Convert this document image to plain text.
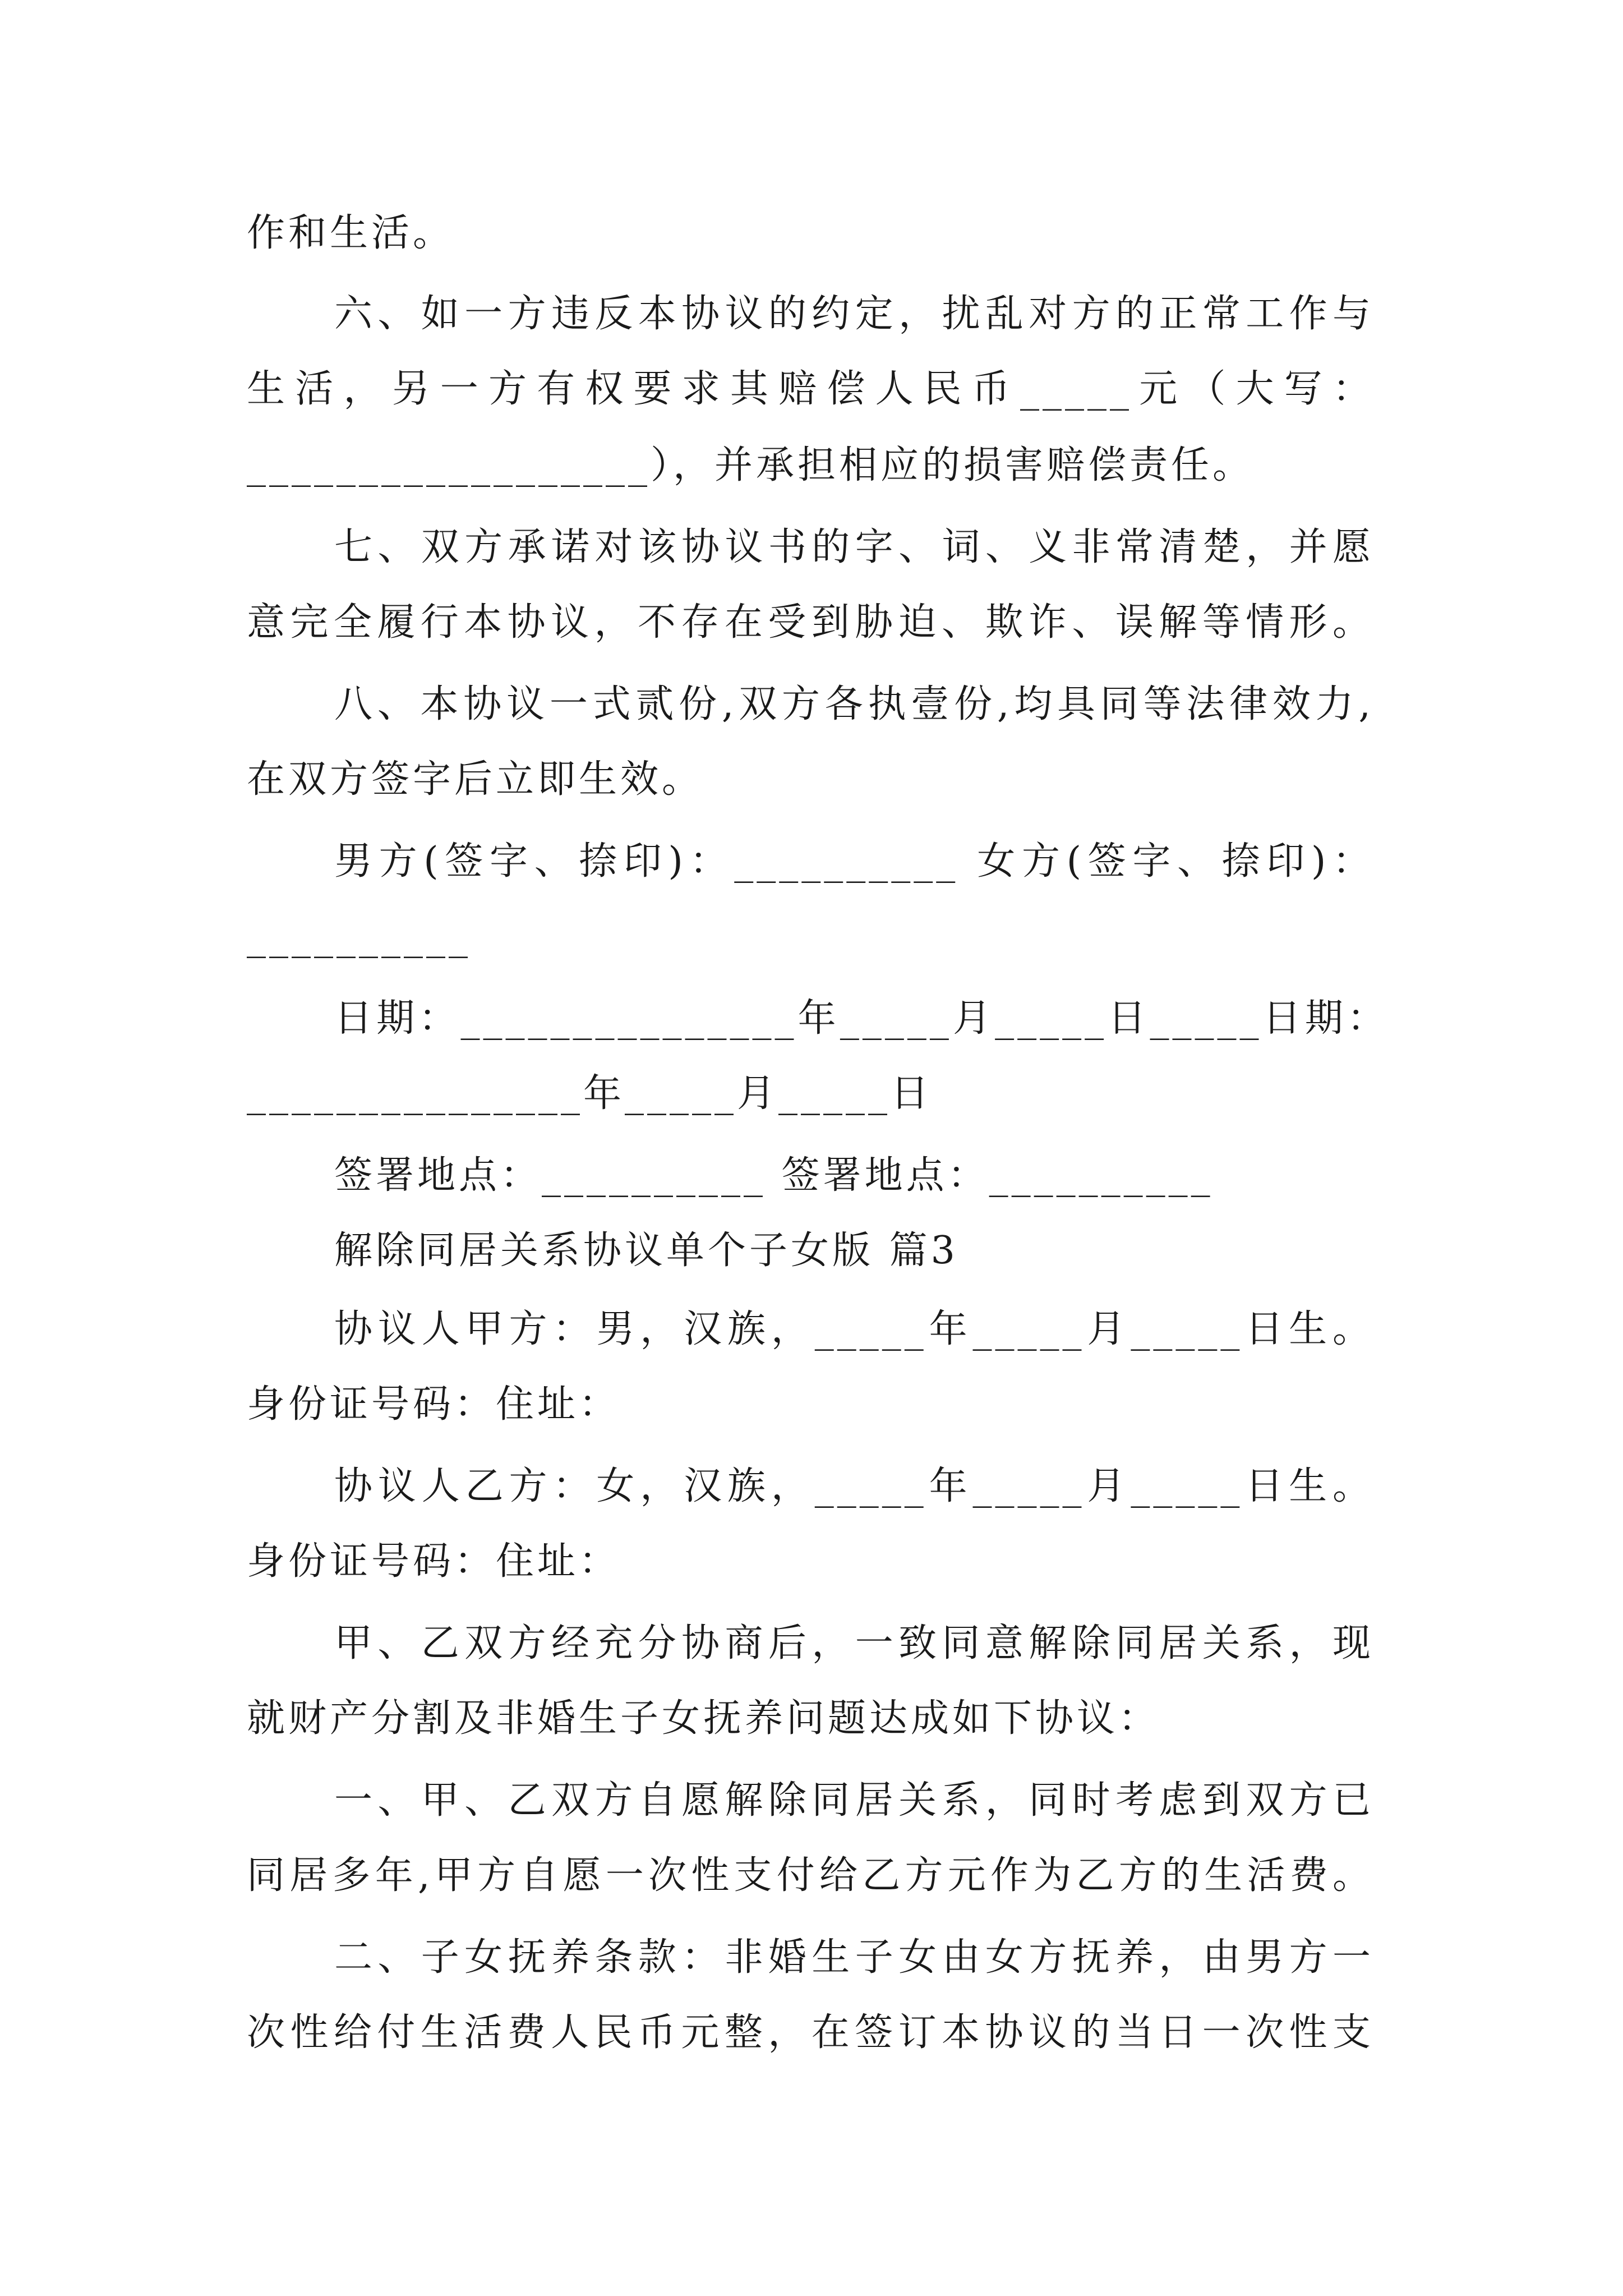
作和生活。
六、如一方违反本协议的约定，扰乱对方的正常工作与
生活，另一方有权要求其赔偿人民币_____元（大写：
__________________），并承担相应的损害赔偿责任。
七、双方承诺对该协议书的字、词、义非常清楚，并愿
意完全履行本协议，不存在受到胁迫、欺诈、误解等情形。
八、本协议一式贰份,双方各执壹份,均具同等法律效力,
在双方签字后立即生效。
男方(签字、捺印)：__________ 女方(签字、捺印)：
__________
日期：_______________年_____月_____日_____日期：
_______________年_____月_____日
签署地点：__________ 签署地点：__________
解除同居关系协议单个子女版 篇3
协议人甲方：男，汉族，_____年_____月_____日生。
身份证号码：住址：
协议人乙方：女，汉族，_____年_____月_____日生。
身份证号码：住址：
甲、乙双方经充分协商后，一致同意解除同居关系，现
就财产分割及非婚生子女抚养问题达成如下协议：
一、甲、乙双方自愿解除同居关系，同时考虑到双方已
同居多年,甲方自愿一次性支付给乙方元作为乙方的生活费。
二、子女抚养条款：非婚生子女由女方抚养，由男方一
次性给付生活费人民币元整，在签订本协议的当日一次性支
